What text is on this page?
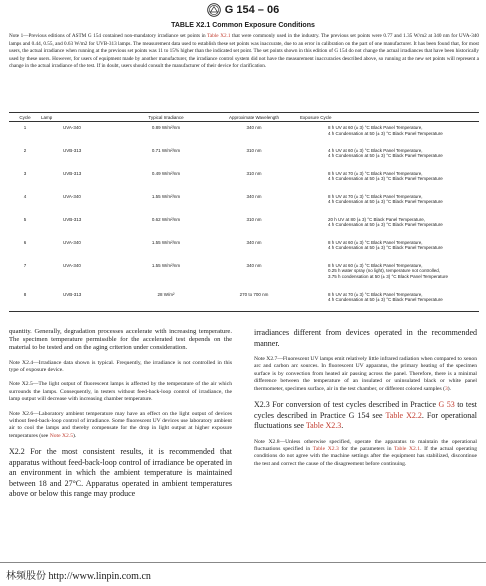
G 154 – 06
TABLE X2.1 Common Exposure Conditions
Note 1—Previous editions of ASTM G 154 contained non-mandatory irradiance set points in Table X2.1 that were commonly used in the industry. The previous set points were 0.77 and 1.35 W/m2 at 340 nm for UVA-340 lamps and 0.44, 0.55, and 0.63 W/m2 for UVB-313 lamps. The measurement data used to establish these set points was inaccurate, due to an error in calibration on the part of one manufacturer. It has been found that, for most users, the actual irradiance when running at the previous set points was 11 to 15% higher than the indicated set point. The set points shown in this edition of G 154 do not change the actual irradiances that have been historically used by these users. However, for users of equipment made by another manufacturer, the irradiance control system did not have the measurement inaccuracies described above, so running at the new set points will represent a change in the actual irradiance of the test. If in doubt, users should consult the manufacturer of their device for clarification.
Cycle	Lamp	Typical Irradiance	Approximate Wavelength	Exposure Cycle
1	UVA-340	0.89 W/m²/nm	340 nm	8 h UV at 60 (± 3) °C Black Panel Temperature,
4 h Condensation at 50 (± 3) °C Black Panel Temperature

2	UVB-313	0.71 W/m²/nm	310 nm	4 h UV at 60 (± 3) °C Black Panel Temperature,
4 h Condensation at 50 (± 3) °C Black Panel Temperature

3	UVB-313	0.49 W/m²/nm	310 nm	8 h UV at 70 (± 3) °C Black Panel Temperature,
4 h Condensation at 50 (± 3) °C Black Panel Temperature

4	UVA-340	1.55 W/m²/nm	340 nm	8 h UV at 70 (± 3) °C Black Panel Temperature,
4 h Condensation at 50 (± 3) °C Black Panel Temperature

5	UVB-313	0.62 W/m²/nm	310 nm	20 h UV at 80 (± 3) °C Black Panel Temperature,
4 h Condensation at 50 (± 3) °C Black Panel Temperature

6	UVA-340	1.55 W/m²/nm	340 nm	8 h UV at 60 (± 3) °C Black Panel Temperature,
4 h Condensation at 50 (± 3) °C Black Panel Temperature

7	UVA-340	1.55 W/m²/nm	340 nm	8 h UV at 60 (± 3) °C Black Panel Temperature,
0.25 h water spray (no light), temperature not controlled,
3.75 h condensation at 50 (± 3) °C Black Panel Temperature

8	UVB-313	28 W/m²	270 to 700 nm	8 h UV at 70 (± 3) °C Black Panel Temperature,
4 h Condensation at 50 (± 3) °C Black Panel Temperature

quantity. Generally, degradation processes accelerate with increasing temperature. The specimen temperature permissible for the accelerated test depends on the material to be tested and on the aging criterion under consideration.

Note X2.4—Irradiance data shown is typical. Frequently, the irradiance is not controlled in this type of exposure device.

Note X2.5—The light output of fluorescent lamps is affected by the temperature of the air which surrounds the lamps. Consequently, in testers without feed-back-loop control of irradiance, the lamp output will decrease with increasing chamber temperature.

Note X2.6—Laboratory ambient temperature may have an effect on the light output of devices without feed-back-loop control of irradiance. Some fluorescent UV devices use laboratory ambient air to cool the lamps and thereby compensate for the drop in light output at higher exposure temperatures (see Note X2.5).

X2.2 For the most consistent results, it is recommended that apparatus without feed-back-loop control of irradiance be operated in an environment in which the ambient temperature is maintained between 18 and 27°C. Apparatus operated in ambient temperatures above or below this range may produce

irradiances different from devices operated in the recommended manner.

Note X2.7—Fluorescent UV lamps emit relatively little infrared radiation when compared to xenon arc and carbon arc sources. In fluorescent UV apparatus, the primary heating of the specimen surface is by convection from heated air passing across the panel. Therefore, there is a minimal difference between the temperature of an insulated or uninsulated black or white panel thermometer, specimen surface, air in the test chamber, or different colored samples (3).

X2.3 For conversion of test cycles described in Practice G 53 to test cycles described in Practice G 154 see Table X2.2. For operational fluctuations see Table X2.3.

Note X2.8—Unless otherwise specified, operate the apparatus to maintain the operational fluctuations specified in Table X2.3 for the parameters in Table X2.1. If the actual operating conditions do not agree with the machine settings after the equipment has stabilized, discontinue the test and correct the cause of the disagreement before continuing.

林频股份 http://www.linpin.com.cn
